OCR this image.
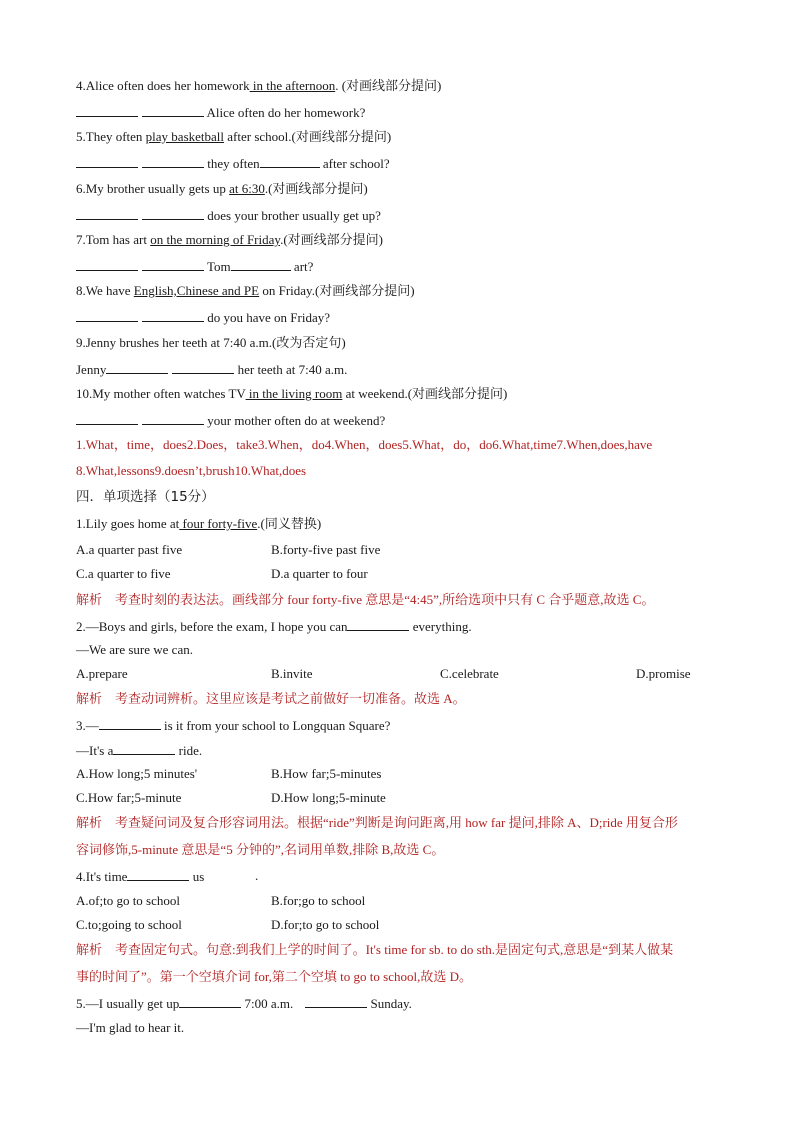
4.Alice often does her homework in the afternoon. (对画线部分提问)
Alice often do her homework?
5.They often play basketball after school.(对画线部分提问)
they often	after school?
6.My brother usually gets up at 6:30.(对画线部分提问)
does your brother usually get up?
7.Tom has art on the morning of Friday.(对画线部分提问)
Tom	art?
8.We have English,Chinese and PE on Friday.(对画线部分提问)
do you have on Friday?
9.Jenny brushes her teeth at 7:40 a.m.(改为否定句)
Jenny	her teeth at 7:40 a.m.
10.My mother often watches TV in the living room at weekend.(对画线部分提问)
your mother often do at weekend?
1.What，time，does2.Does，take3.When，do4.When，does5.What，do，do6.What,time7.When,does,have
8.What,lessons9.doesn’t,brush10.What,does
四．单项选择（15分）
1.Lily goes home at four forty-five.(同义替换)
A.a quarter past five	B.forty-five past five
C.a quarter to five	D.a quarter to four
解析　考查时刻的表达法。画线部分 four forty-five 意思是“4:45”,所给选项中只有 C 合乎题意,故选 C。
2.—Boys and girls, before the exam, I hope you can	everything.
—We are sure we can.
A.prepare	B.invite	C.celebrate	D.promise
解析　考查动词辨析。这里应该是考试之前做好一切准备。故选 A。
3.—	is it from your school to Longquan Square?
—It's a	ride.
A.How long;5 minutes'	B.How far;5-minutes
C.How far;5-minute	D.How long;5-minute
解析　考查疑问词及复合形容词用法。根据“ride”判断是询问距离,用 how far 提问,排除 A、D;ride 用复合形
容词修饰,5-minute 意思是“5 分钟的”,名词用单数,排除 B,故选 C。
4.It's time	us	.
A.of;to go to school	B.for;go to school
C.to;going to school	D.for;to go to school
解析　考查固定句式。句意:到我们上学的时间了。It's time for sb. to do sth.是固定句式,意思是“到某人做某
事的时间了”。第一个空填介词 for,第二个空填 to go to school,故选 D。
5.—I usually get up	7:00 a.m.	Sunday.
—I'm glad to hear it.
